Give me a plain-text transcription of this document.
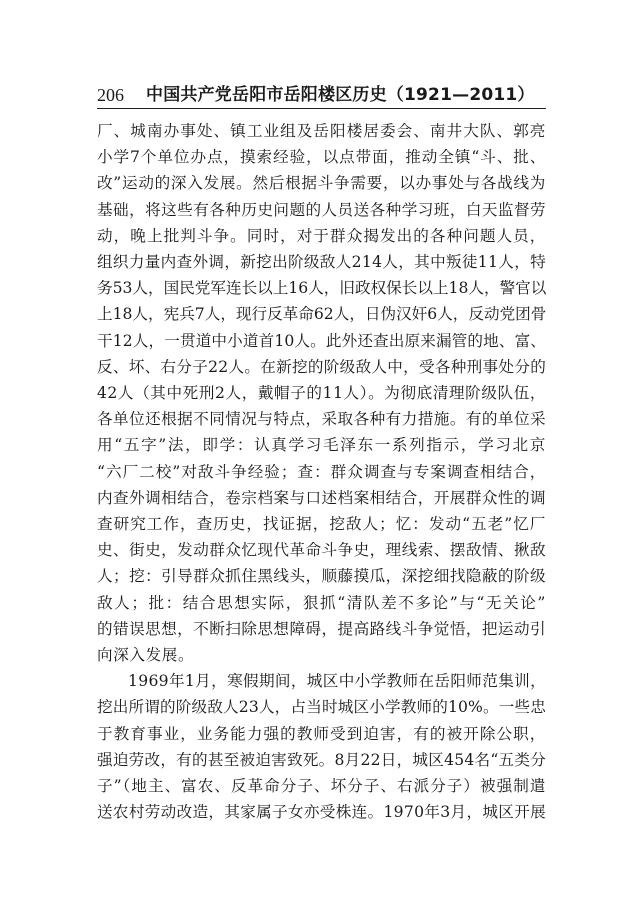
206 中国共产党岳阳市岳阳楼区历史（1921—2011）

厂、城南办事处、镇工业组及岳阳楼居委会、南井大队、郭亮
小学7个单位办点，摸索经验，以点带面，推动全镇“斗、批、
改”运动的深入发展。然后根据斗争需要，以办事处与各战线为
基础，将这些有各种历史问题的人员送各种学习班，白天监督劳
动，晚上批判斗争。同时，对于群众揭发出的各种问题人员，
组织力量内查外调，新挖出阶级敌人214人，其中叛徒11人，特
务53人，国民党军连长以上16人，旧政权保长以上18人，警官以
上18人，宪兵7人，现行反革命62人，日伪汉奸6人，反动党团骨
干12人，一贯道中小道首10人。此外还查出原来漏管的地、富、
反、坏、右分子22人。在新挖的阶级敌人中，受各种刑事处分的
42人（其中死刑2人，戴帽子的11人）。为彻底清理阶级队伍，
各单位还根据不同情况与特点，采取各种有力措施。有的单位采
用“五字”法，即学：认真学习毛泽东一系列指示，学习北京
“六厂二校”对敌斗争经验；查：群众调查与专案调查相结合，
内查外调相结合，卷宗档案与口述档案相结合，开展群众性的调
查研究工作，查历史，找证据，挖敌人；忆：发动“五老”忆厂
史、街史，发动群众忆现代革命斗争史，理线索、摆敌情、揪敌
人；挖：引导群众抓住黑线头，顺藤摸瓜，深挖细找隐蔽的阶级
敌人；批：结合思想实际，狠抓“清队差不多论”与“无关论”
的错误思想，不断扫除思想障碍，提高路线斗争觉悟，把运动引
向深入发展。

1969年1月，寒假期间，城区中小学教师在岳阳师范集训，
挖出所谓的阶级敌人23人，占当时城区小学教师的10%。一些忠
于教育事业，业务能力强的教师受到迫害，有的被开除公职，
强迫劳改，有的甚至被迫害致死。8月22日，城区454名“五类分
子”（地主、富农、反革命分子、坏分子、右派分子）被强制遣
送农村劳动改造，其家属子女亦受株连。1970年3月，城区开展
